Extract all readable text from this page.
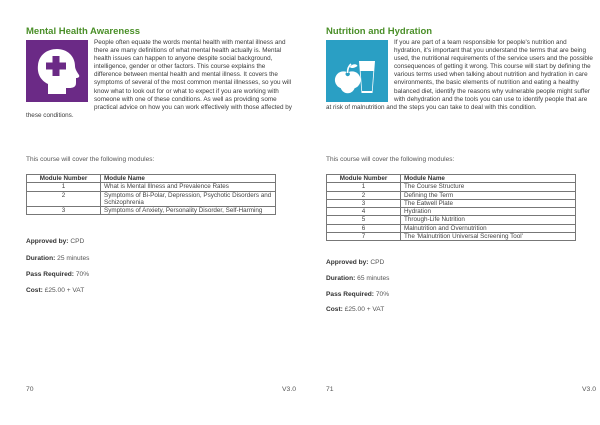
Mental Health Awareness

People often equate the words mental health with mental illness and there are many definitions of what mental health actually is. Mental health issues can happen to anyone despite social background, intelligence, gender or other factors. This course explains the difference between mental health and mental illness. It covers the symptoms of several of the most common mental illnesses, so you will know what to look out for or what to expect if you are working with someone with one of these conditions. As well as providing some practical advice on how you can work effectively with those affected by these conditions.

This course will cover the following modules:
Module Number	Module Name
1	What is Mental Illness and Prevalence Rates
2	Symptoms of Bi-Polar, Depression, Psychotic Disorders and Schizophrenia
3	Symptoms of Anxiety, Personality Disorder, Self-Harming
Approved by: CPD
Duration: 25 minutes
Pass Required: 70%
Cost: £25.00 + VAT
70	V3.0
Nutrition and Hydration

If you are part of a team responsible for people's nutrition and hydration, it's important that you understand the terms that are being used, the nutritional requirements of the service users and the possible consequences of getting it wrong. This course will start by defining the various terms used when talking about nutrition and hydration in care environments, the basic elements of nutrition and eating a healthy balanced diet, identify the reasons why vulnerable people might suffer with dehydration and the tools you can use to identify people that are at risk of malnutrition and the steps you can take to deal with this condition.

This course will cover the following modules:
Module Number	Module Name
1	The Course Structure
2	Defining the Term
3	The Eatwell Plate
4	Hydration
5	Through-Life Nutrition
6	Malnutrition and Overnutrition
7	The 'Malnutrition Universal Screening Tool'
Approved by: CPD
Duration: 65 minutes
Pass Required: 70%
Cost: £25.00 + VAT
71	V3.0
